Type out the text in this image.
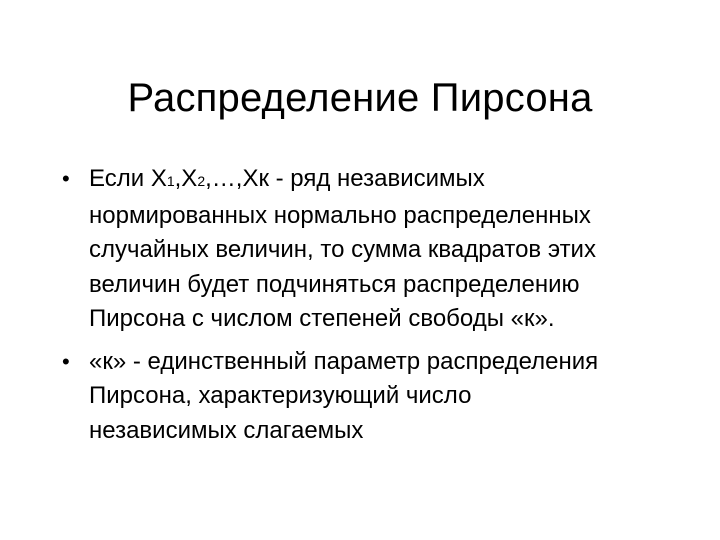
Распределение Пирсона
• Если X1,X2,…,Xк - ряд независимых
нормированных нормально распределенных
случайных величин, то сумма квадратов этих
величин будет подчиняться распределению
Пирсона с числом степеней свободы «к».
• «к» - единственный параметр распределения
Пирсона, характеризующий число
независимых слагаемых
